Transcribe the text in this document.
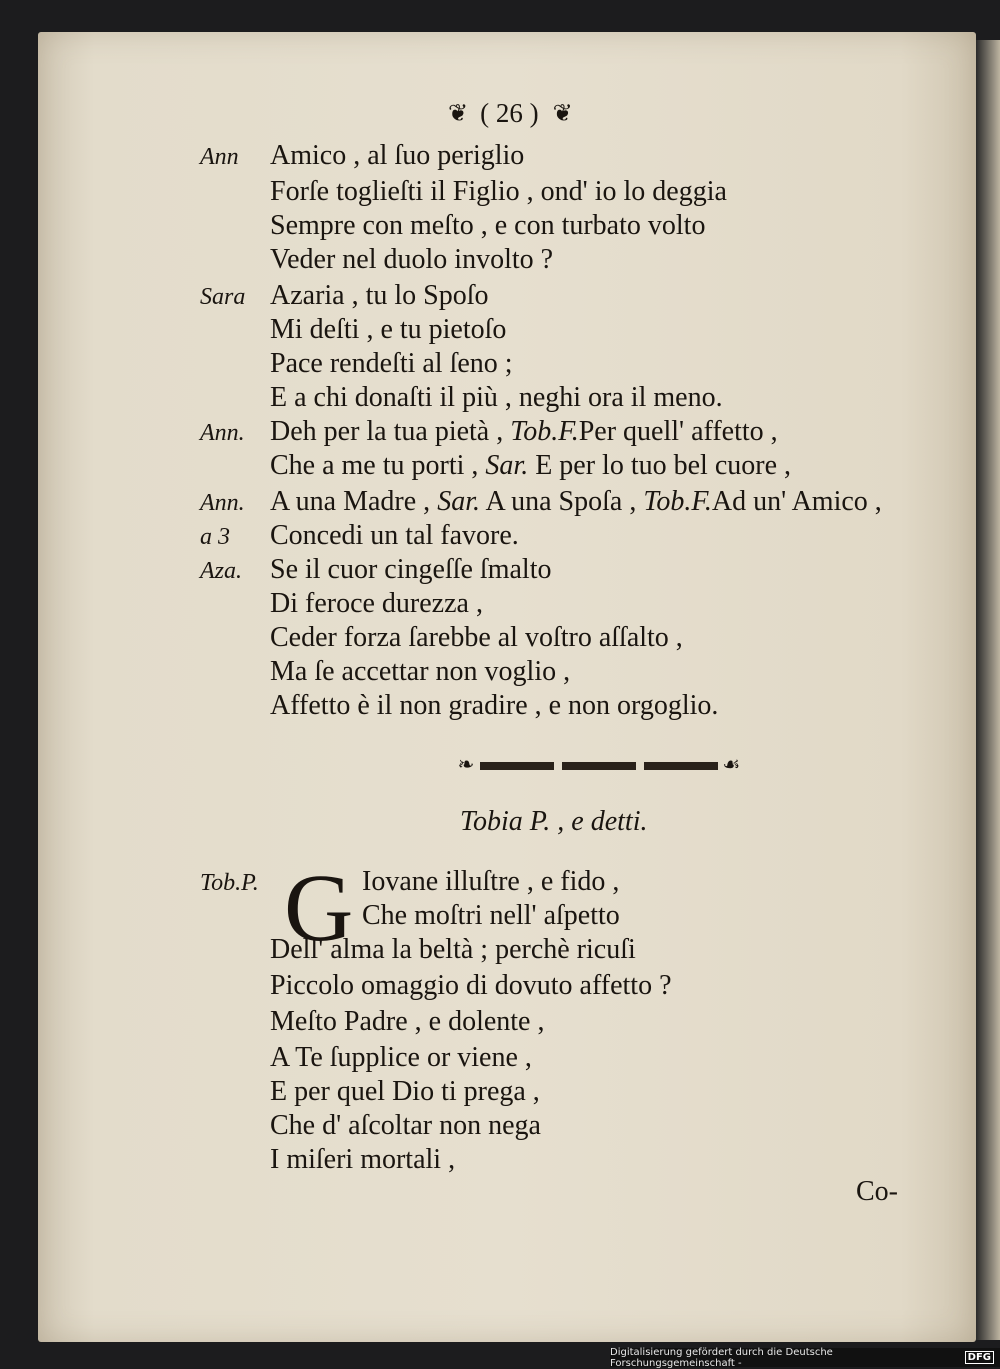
❦ ( 26 ) ❦
Ann Amico , al ſuo periglio
Forſe toglieſti il Figlio , ond' io lo deggia
Sempre con meſto , e con turbato volto
Veder nel duolo involto ?
Sara Azaria , tu lo Spoſo
Mi deſti , e tu pietoſo
Pace rendeſti al ſeno ;
E a chi donaſti il più , neghi ora il meno.
Ann. Deh per la tua pietà , Tob.F.Per quell' affetto ,
Che a me tu porti , Sar. E per lo tuo bel cuore ,
Ann. A una Madre , Sar. A una Spoſa , Tob.F.Ad un' Amico ,
a 3 Concedi un tal favore.
Aza. Se il cuor cingeſſe ſmalto
Di feroce durezza ,
Ceder forza ſarebbe al voſtro aſſalto ,
Ma ſe accettar non voglio ,
Affetto è il non gradire , e non orgoglio.
❧	☙
Tobia P. , e detti.
Tob.P.	Iovane illuſtre , e fido ,
G Che moſtri nell' aſpetto
Dell' alma la beltà ; perchè ricuſi
Piccolo omaggio di dovuto affetto ?
Meſto Padre , e dolente ,
A Te ſupplice or viene ,
E per quel Dio ti prega ,
Che d' aſcoltar non nega
I miſeri mortali ,
Co-
Digitalisierung gefördert durch die Deutsche Forschungsgemeinschaft -	DFG
